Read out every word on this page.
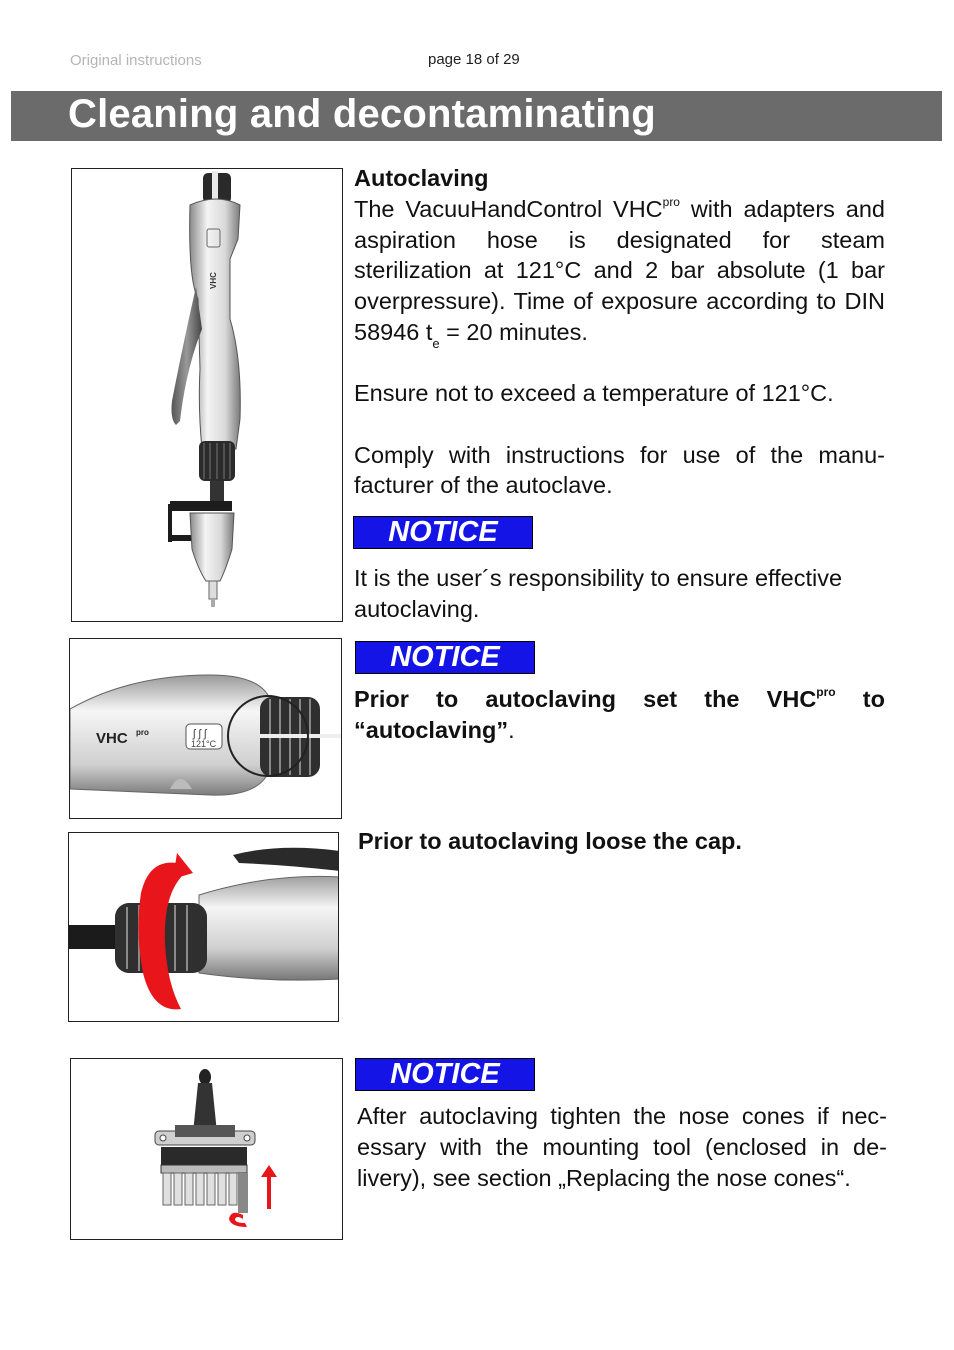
Original instructions	page 18 of 29
Cleaning and decontaminating
VHC

Autoclaving

The VacuuHandControl $VHC^{pro}$ with adapters and aspiration hose is designated for steam sterilization at 121°C and 2 bar absolute (1 bar overpressure). Time of exposure according to DIN 58946 $t_e = 20$ minutes.

Ensure not to exceed a temperature of 121°C.

Comply with instructions for use of the manu-facturer of the autoclave.

NOTICE
It is the user´s responsibility to ensure effective autoclaving.
ʃ ʃ ʃ
121°C
VHC pro
NOTICE
Prior to autoclaving set the $VHC^{pro}$ to “autoclaving”.
Prior to autoclaving loose the cap.
NOTICE
After autoclaving tighten the nose cones if nec-essary with the mounting tool (enclosed in de-livery), see section „Replacing the nose cones“.
